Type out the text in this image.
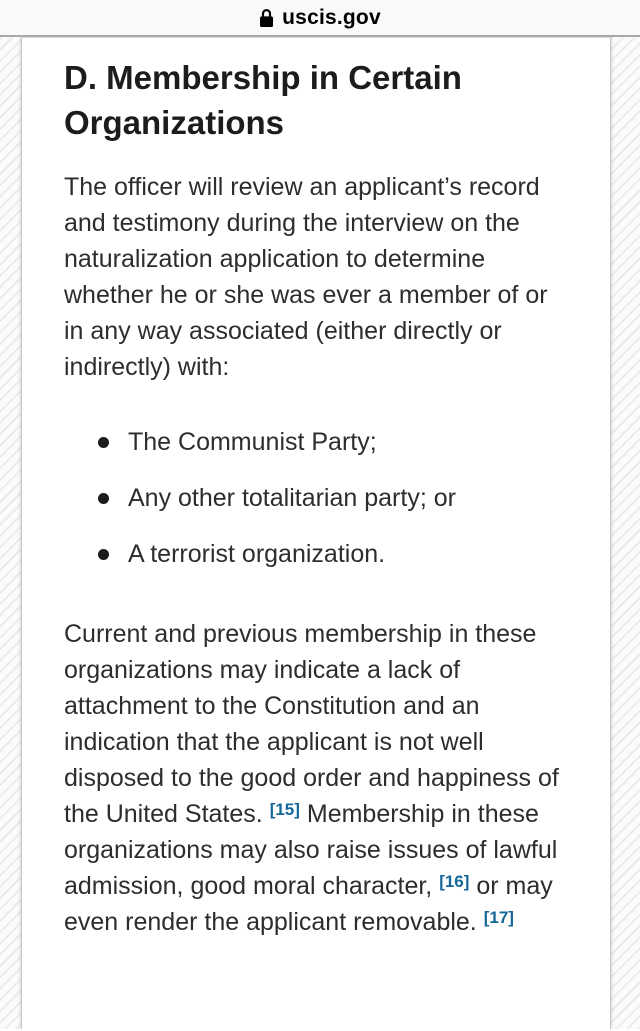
uscis.gov
D. Membership in Certain Organizations

The officer will review an applicant’s record and testimony during the interview on the naturalization application to determine whether he or she was ever a member of or in any way associated (either directly or indirectly) with:

The Communist Party;
Any other totalitarian party; or
A terrorist organization.

Current and previous membership in these organizations may indicate a lack of attachment to the Constitution and an indication that the applicant is not well disposed to the good order and happiness of the United States. [15] Membership in these organizations may also raise issues of lawful admission, good moral character, [16] or may even render the applicant removable. [17]
